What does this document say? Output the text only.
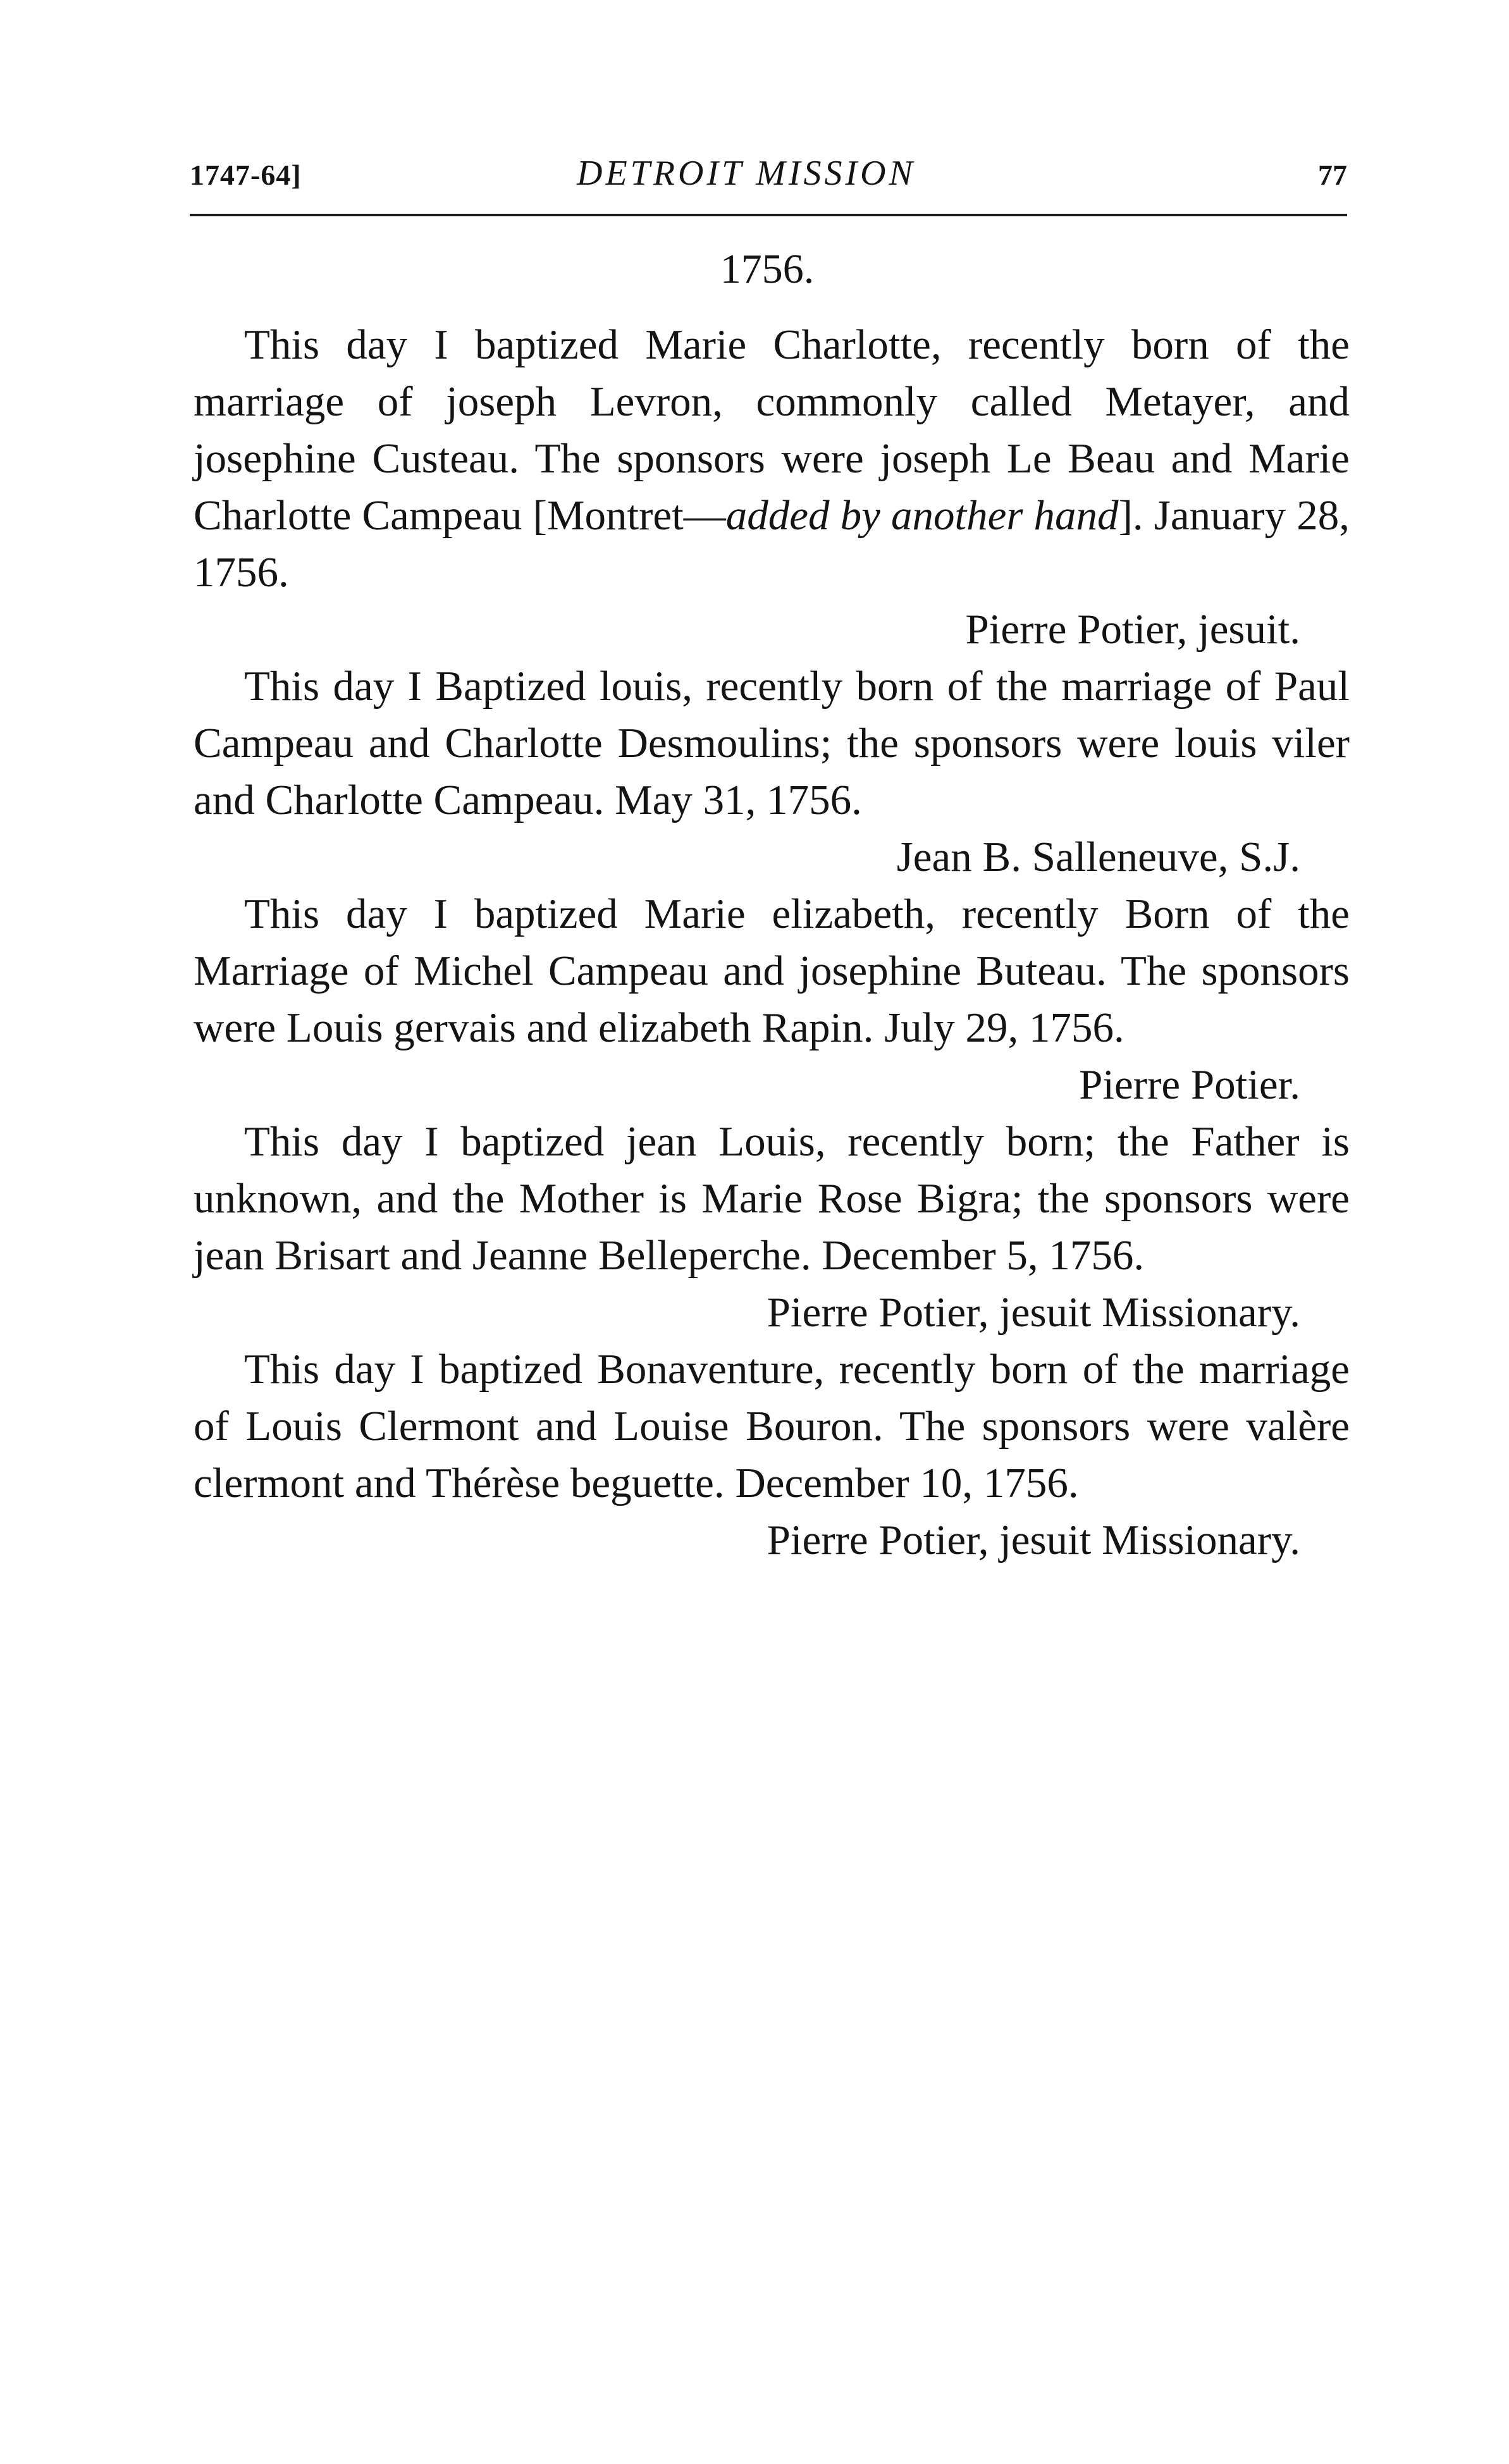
1747-64]	DETROIT MISSION	77
1756.

This day I baptized Marie Charlotte, recently born of the marriage of joseph Levron, commonly called Metayer, and josephine Custeau. The sponsors were joseph Le Beau and Marie Charlotte Campeau [Montret—added by another hand]. January 28, 1756.

Pierre Potier, jesuit.

This day I Baptized louis, recently born of the marriage of Paul Campeau and Charlotte Desmoulins; the sponsors were louis viler and Charlotte Campeau. May 31, 1756.

Jean B. Salleneuve, S.J.

This day I baptized Marie elizabeth, recently Born of the Marriage of Michel Campeau and josephine Buteau. The sponsors were Louis gervais and elizabeth Rapin. July 29, 1756.

Pierre Potier.

This day I baptized jean Louis, recently born; the Father is unknown, and the Mother is Marie Rose Bigra; the sponsors were jean Brisart and Jeanne Belleperche. December 5, 1756.

Pierre Potier, jesuit Missionary.

This day I baptized Bonaventure, recently born of the marriage of Louis Clermont and Louise Bouron. The sponsors were valère clermont and Thérèse beguette. December 10, 1756.

Pierre Potier, jesuit Missionary.
